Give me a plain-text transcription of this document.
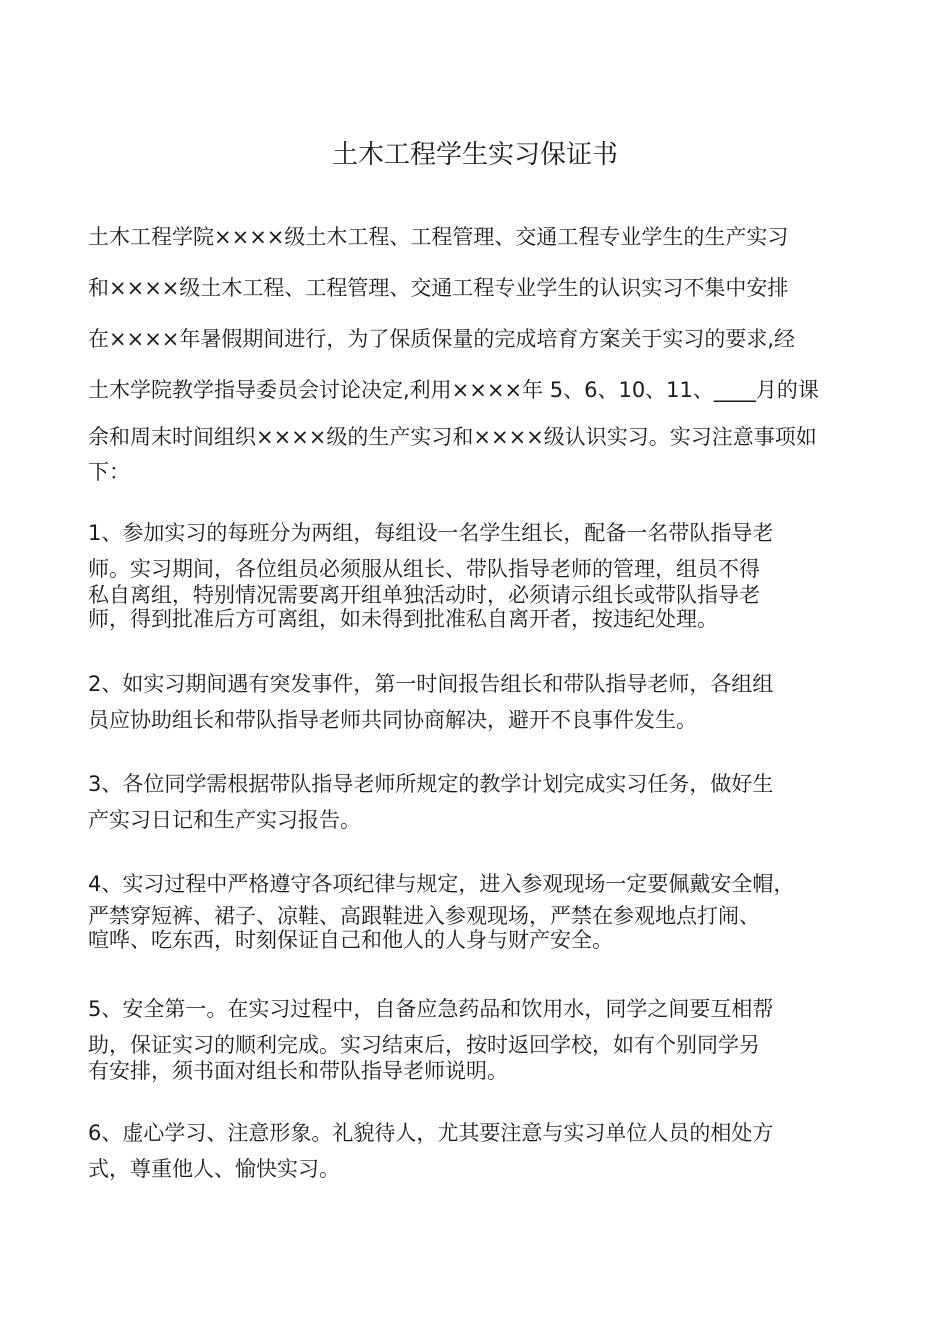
土木工程学生实习保证书
土木工程学院××××级土木工程、工程管理、交通工程专业学生的生产实习
和××××级土木工程、工程管理、交通工程专业学生的认识实习不集中安排
在××××年暑假期间进行，为了保质保量的完成培育方案关于实习的要求,经
土木学院教学指导委员会讨论决定,利用××××年 5、6、10、11、____月的课
余和周末时间组织××××级的生产实习和××××级认识实习。实习注意事项如
下：
1、参加实习的每班分为两组，每组设一名学生组长，配备一名带队指导老
师。实习期间，各位组员必须服从组长、带队指导老师的管理，组员不得
私自离组，特别情况需要离开组单独活动时，必须请示组长或带队指导老
师，得到批准后方可离组，如未得到批准私自离开者，按违纪处理。
2、如实习期间遇有突发事件，第一时间报告组长和带队指导老师，各组组
员应协助组长和带队指导老师共同协商解决，避开不良事件发生。
3、各位同学需根据带队指导老师所规定的教学计划完成实习任务，做好生
产实习日记和生产实习报告。
4、实习过程中严格遵守各项纪律与规定，进入参观现场一定要佩戴安全帽，
严禁穿短裤、裙子、凉鞋、高跟鞋进入参观现场，严禁在参观地点打闹、
喧哗、吃东西，时刻保证自己和他人的人身与财产安全。
5、安全第一。在实习过程中，自备应急药品和饮用水，同学之间要互相帮
助，保证实习的顺利完成。实习结束后，按时返回学校，如有个别同学另
有安排，须书面对组长和带队指导老师说明。
6、虚心学习、注意形象。礼貌待人，尤其要注意与实习单位人员的相处方
式，尊重他人、愉快实习。
